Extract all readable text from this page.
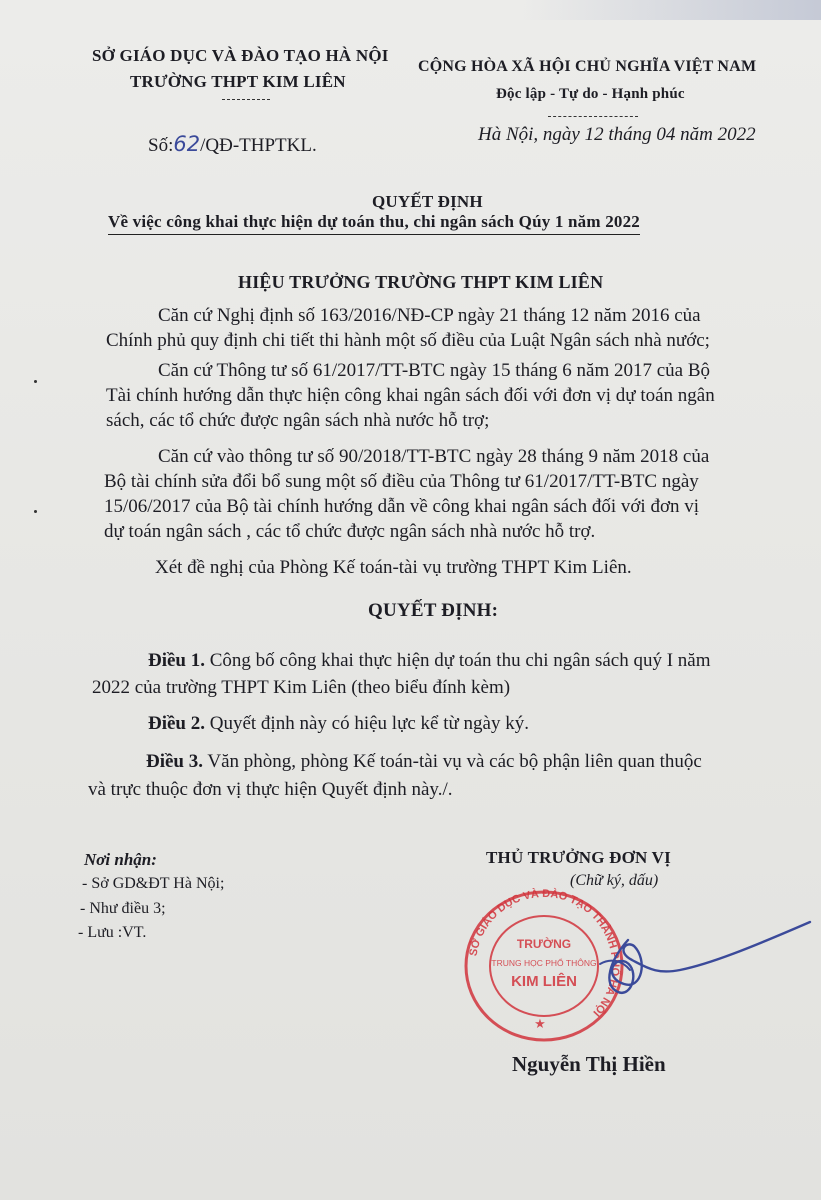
SỞ GIÁO DỤC VÀ ĐÀO TẠO HÀ NỘI
TRƯỜNG THPT KIM LIÊN
CỘNG HÒA XÃ HỘI CHỦ NGHĨA VIỆT NAM
Độc lập - Tự do - Hạnh phúc
Số:62/QĐ-THPTKL.
Hà Nội, ngày 12 tháng 04 năm 2022
QUYẾT ĐỊNH
Về việc công khai thực hiện dự toán thu, chi ngân sách Qúy 1 năm 2022
HIỆU TRƯỞNG TRƯỜNG THPT KIM LIÊN
Căn cứ Nghị định số 163/2016/NĐ-CP ngày 21 tháng 12 năm 2016 của
Chính phủ quy định chi tiết thi hành một số điều của Luật Ngân sách nhà nước;
Căn cứ Thông tư số 61/2017/TT-BTC ngày 15 tháng 6 năm 2017 của Bộ
Tài chính hướng dẫn thực hiện công khai ngân sách đối với đơn vị dự toán ngân
sách, các tổ chức được ngân sách nhà nước hỗ trợ;
Căn cứ vào thông tư số 90/2018/TT-BTC ngày 28 tháng 9 năm 2018 của
Bộ tài chính sửa đổi bổ sung một số điều của Thông tư 61/2017/TT-BTC ngày
15/06/2017 của Bộ tài chính hướng dẫn về công khai ngân sách đối với đơn vị
dự toán ngân sách , các tổ chức được ngân sách nhà nước hỗ trợ.
Xét đề nghị của Phòng Kế toán-tài vụ trường THPT Kim Liên.
QUYẾT ĐỊNH:
Điều 1. Công bố công khai thực hiện dự toán thu chi ngân sách quý I năm
2022 của trường THPT Kim Liên (theo biểu đính kèm)
Điều 2. Quyết định này có hiệu lực kể từ ngày ký.
Điều 3. Văn phòng, phòng Kế toán-tài vụ và các bộ phận liên quan thuộc
và trực thuộc đơn vị thực hiện Quyết định này./.
Nơi nhận:
- Sở GD&ĐT Hà Nội;
- Như điều 3;
- Lưu :VT.
THỦ TRƯỞNG ĐƠN VỊ
(Chữ ký, dấu)
SỞ GIÁO DỤC VÀ ĐÀO TẠO THÀNH PHỐ HÀ NỘI
TRƯỜNG
TRUNG HỌC PHỔ THÔNG
KIM LIÊN
★
Nguyễn Thị Hiền
